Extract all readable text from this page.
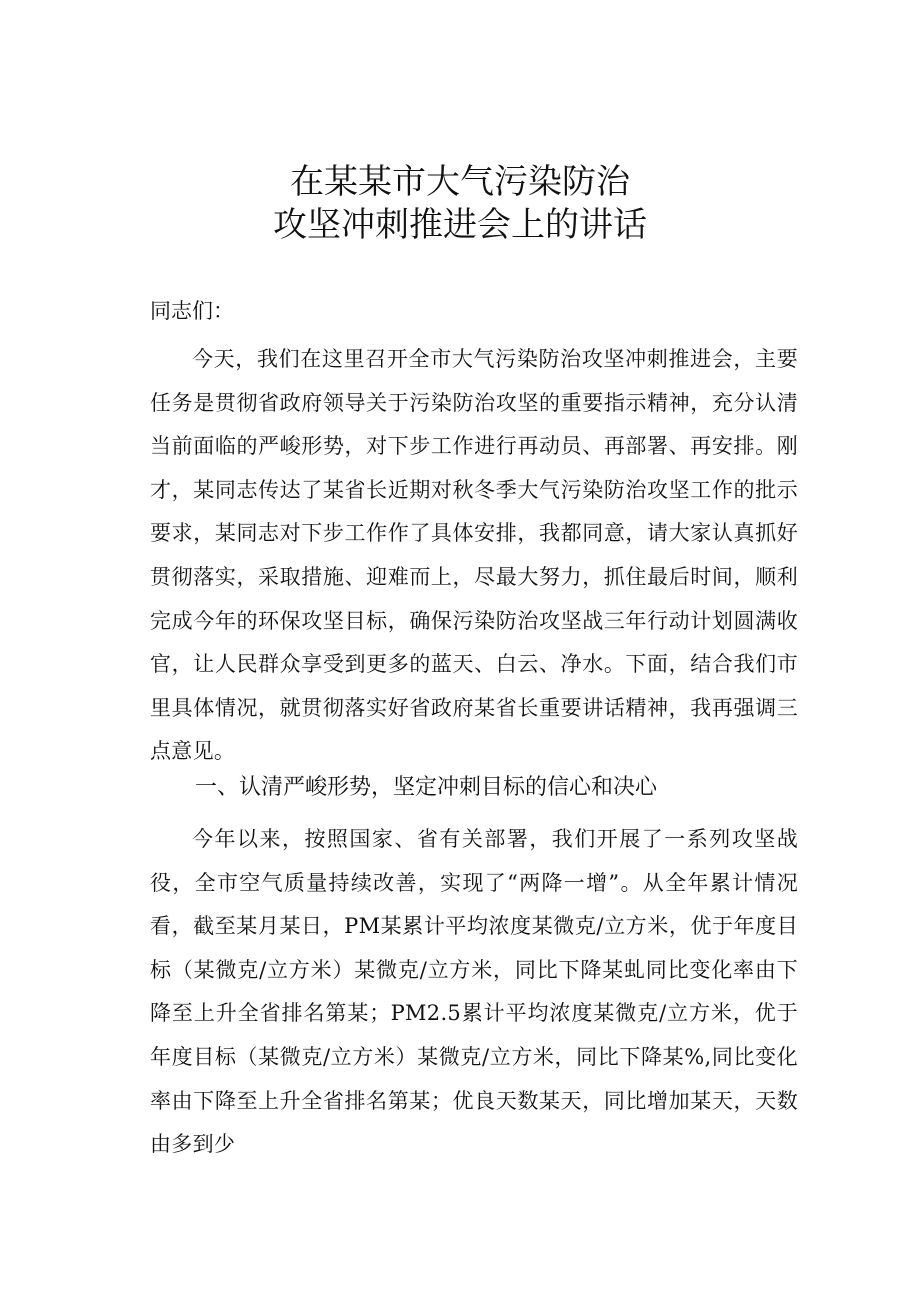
在某某市大气污染防治
攻坚冲刺推进会上的讲话

同志们：

今天，我们在这里召开全市大气污染防治攻坚冲刺推进会，主要任务是贯彻省政府领导关于污染防治攻坚的重要指示精神，充分认清当前面临的严峻形势，对下步工作进行再动员、再部署、再安排。刚才，某同志传达了某省长近期对秋冬季大气污染防治攻坚工作的批示要求，某同志对下步工作作了具体安排，我都同意，请大家认真抓好贯彻落实，采取措施、迎难而上，尽最大努力，抓住最后时间，顺利完成今年的环保攻坚目标，确保污染防治攻坚战三年行动计划圆满收官，让人民群众享受到更多的蓝天、白云、净水。下面，结合我们市里具体情况，就贯彻落实好省政府某省长重要讲话精神，我再强调三点意见。

一、认清严峻形势，坚定冲刺目标的信心和决心

今年以来，按照国家、省有关部署，我们开展了一系列攻坚战役，全市空气质量持续改善，实现了“两降一增”。从全年累计情况看，截至某月某日，PM某累计平均浓度某微克/立方米，优于年度目标（某微克/立方米）某微克/立方米，同比下降某虬同比变化率由下降至上升全省排名第某；PM2.5累计平均浓度某微克/立方米，优于年度目标（某微克/立方米）某微克/立方米，同比下降某%,同比变化率由下降至上升全省排名第某；优良天数某天，同比增加某天，天数由多到少
